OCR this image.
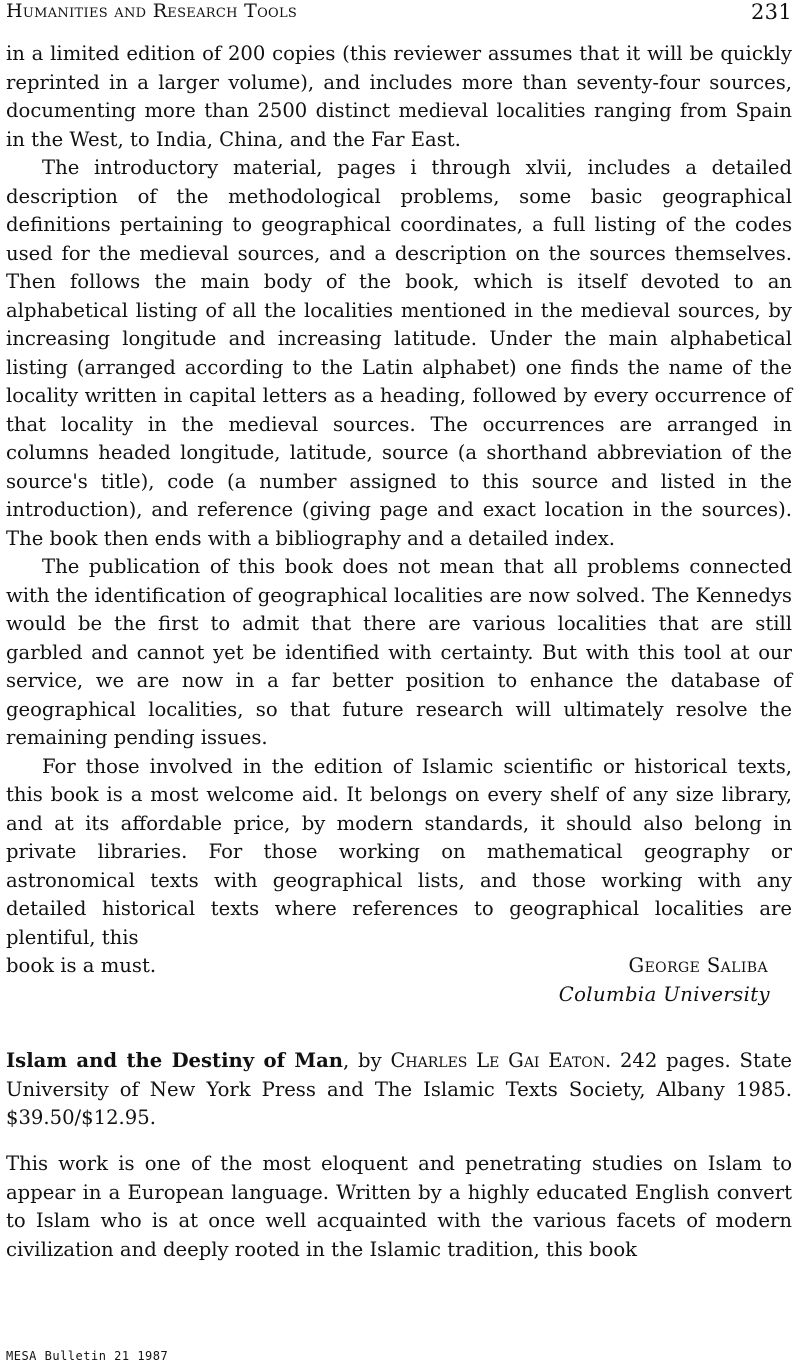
Humanities and Research Tools	231

in a limited edition of 200 copies (this reviewer assumes that it will be quickly reprinted in a larger volume), and includes more than seventy-four sources, documenting more than 2500 distinct medieval localities ranging from Spain in the West, to India, China, and the Far East.

The introductory material, pages i through xlvii, includes a detailed description of the methodological problems, some basic geographical definitions pertaining to geographical coordinates, a full listing of the codes used for the medieval sources, and a description on the sources themselves. Then follows the main body of the book, which is itself devoted to an alphabetical listing of all the localities mentioned in the medieval sources, by increasing longitude and increasing latitude. Under the main alphabetical listing (arranged according to the Latin alphabet) one finds the name of the locality written in capital letters as a heading, followed by every occurrence of that locality in the medieval sources. The occurrences are arranged in columns headed longitude, latitude, source (a shorthand abbreviation of the source's title), code (a number assigned to this source and listed in the introduction), and reference (giving page and exact location in the sources). The book then ends with a bibliography and a detailed index.

The publication of this book does not mean that all problems connected with the identification of geographical localities are now solved. The Kennedys would be the first to admit that there are various localities that are still garbled and cannot yet be identified with certainty. But with this tool at our service, we are now in a far better position to enhance the database of geographical localities, so that future research will ultimately resolve the remaining pending issues.

For those involved in the edition of Islamic scientific or historical texts, this book is a most welcome aid. It belongs on every shelf of any size library, and at its affordable price, by modern standards, it should also belong in private libraries. For those working on mathematical geography or astronomical texts with geographical lists, and those working with any detailed historical texts where references to geographical localities are plentiful, this

book is a must.	George Saliba
Columbia University
Islam and the Destiny of Man, by Charles Le Gai Eaton. 242 pages. State University of New York Press and The Islamic Texts Society, Albany 1985. $39.50/$12.95.

This work is one of the most eloquent and penetrating studies on Islam to appear in a European language. Written by a highly educated English convert to Islam who is at once well acquainted with the various facets of modern civilization and deeply rooted in the Islamic tradition, this book

MESA Bulletin 21 1987
